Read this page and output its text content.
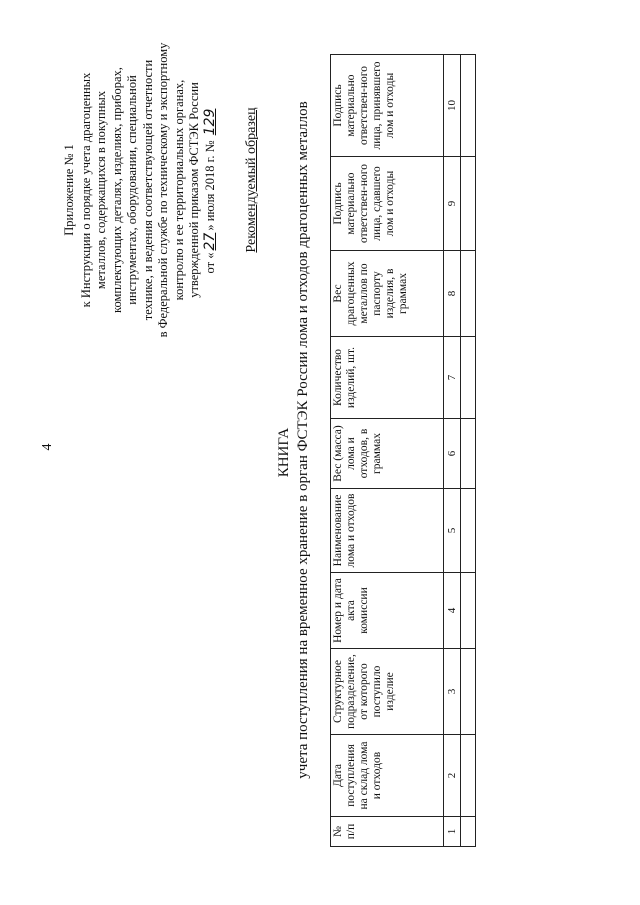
4
Приложение № 1 к Инструкции о порядке учета драгоценных металлов, содержащихся в покупных комплектующих деталях, изделиях, приборах, инструментах, оборудовании, специальной технике, и ведения соответствующей отчетности в Федеральной службе по техническому и экспортному контролю и ее территориальных органах, утвержденной приказом ФСТЭК России от «27» июля 2018 г. № 129 Рекомендуемый образец
КНИГА учета поступления на временное хранение в орган ФСТЭК России лома и отходов драгоценных металлов
№ п/п	Дата поступления на склад лома и отходов	Структурное подразделение, от которого поступило изделие	Номер и дата акта комиссии	Наименование лома и отходов	Вес (масса) лома и отходов, в граммах	Количество изделий, шт.	Вес драгоценных металлов по паспорту изделия, в граммах	Подпись материально ответствен-ного лица, сдавшего лом и отходы	Подпись материально ответствен-ного лица, принявшего лом и отходы
1	2	3	4	5	6	7	8	9	10
